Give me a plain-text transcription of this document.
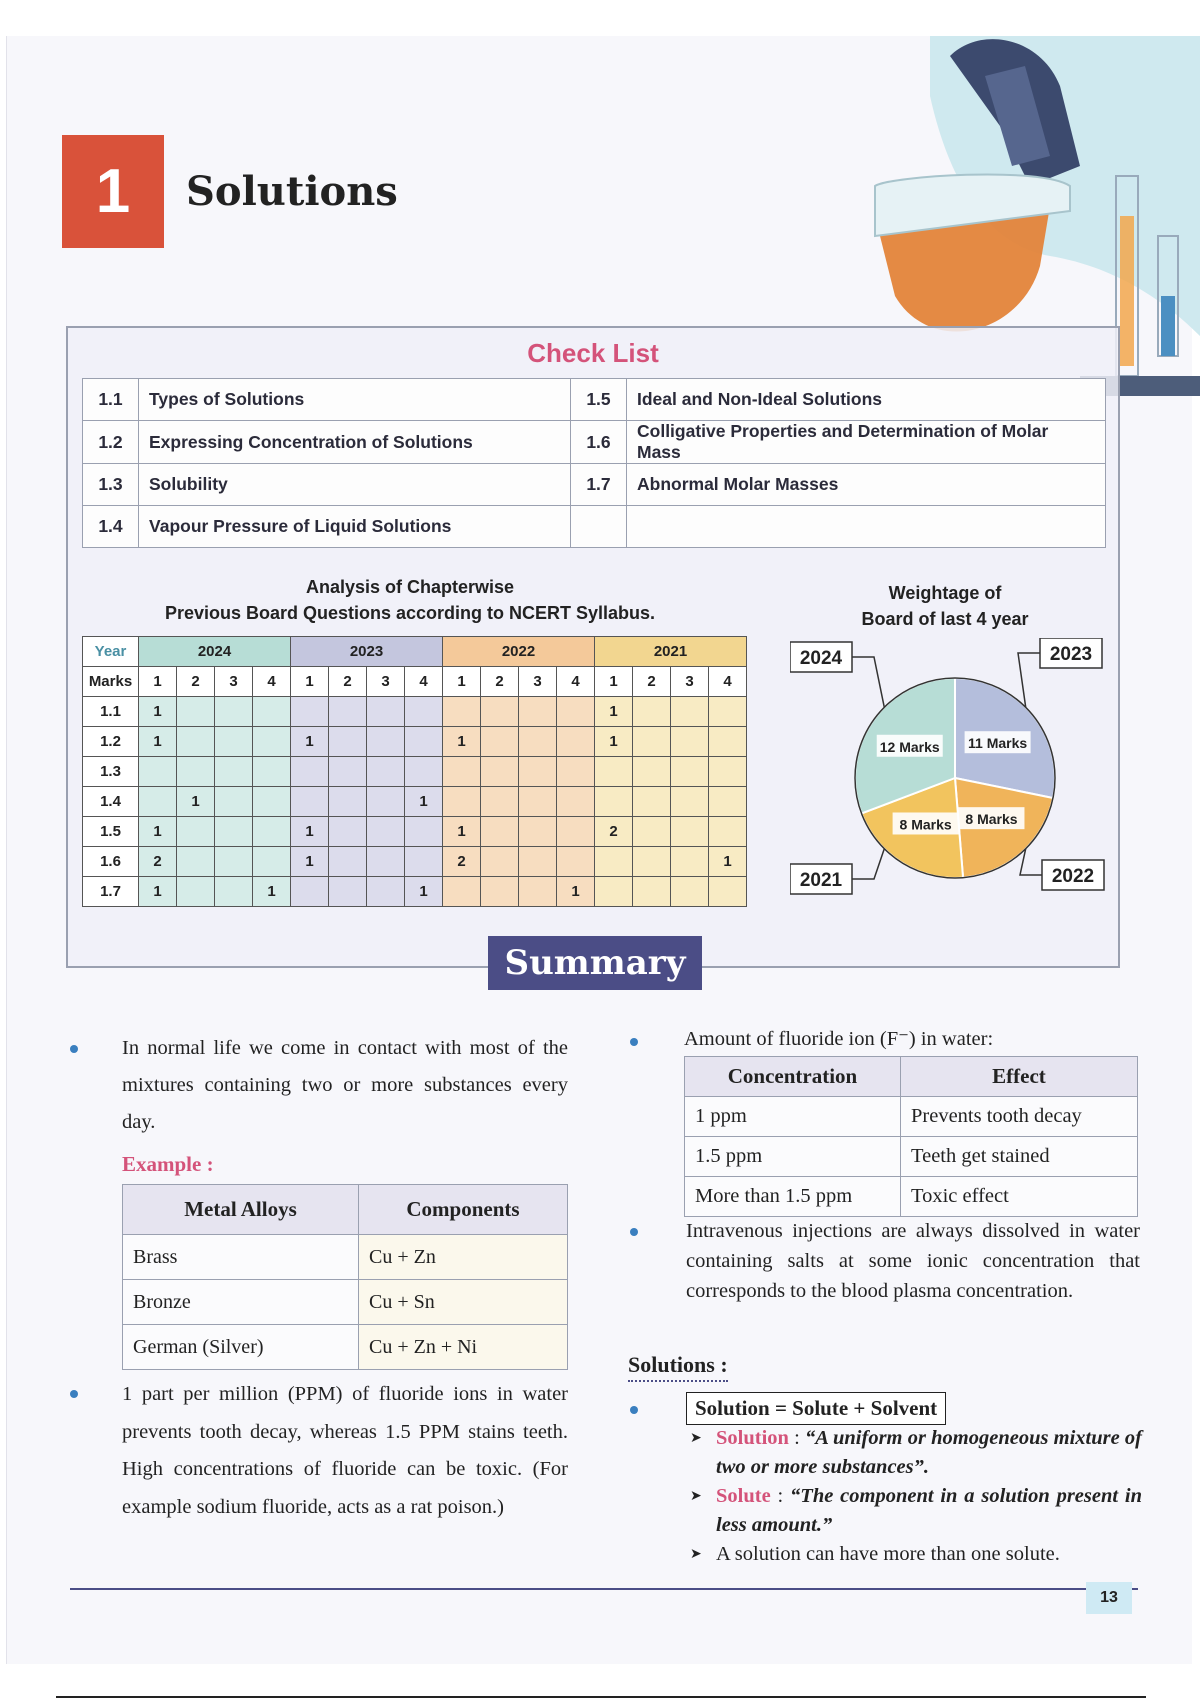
1	Solutions
Check List
1.1	Types of Solutions	1.5	Ideal and Non-Ideal Solutions
1.2	Expressing Concentration of Solutions	1.6	Colligative Properties and Determination of Molar Mass
1.3	Solubility	1.7	Abnormal Molar Masses
1.4	Vapour Pressure of Liquid Solutions		
Analysis of Chapterwise
Previous Board Questions according to NCERT Syllabus.
Weightage of
Board of last 4 year
Year	2024				2023				2022				2021			
Marks	1	2	3	4	1	2	3	4	1	2	3	4	1	2	3	4
1.1	1												1			
1.2	1				1				1				1			
1.3																
1.4		1						1								
1.5	1				1				1				2			
1.6	2				1				2							1
1.7	1			1				1				1				
2023
11 Marks
2022
8 Marks
2021
8 Marks
2024
12 Marks
Summary
In normal life we come in contact with most of the mixtures containing two or more substances every day.
Example :
Metal Alloys	Components
Brass	Cu + Zn
Bronze	Cu + Sn
German (Silver)	Cu + Zn + Ni
1 part per million (PPM) of fluoride ions in water prevents tooth decay, whereas 1.5 PPM stains teeth. High concentrations of fluoride can be toxic. (For example sodium fluoride, acts as a rat poison.)
Amount of fluoride ion (F⁻) in water:
Concentration	Effect
1 ppm	Prevents tooth decay
1.5 ppm	Teeth get stained
More than 1.5 ppm	Toxic effect
Intravenous injections are always dissolved in water containing salts at some ionic concentration that corresponds to the blood plasma concentration.
Solutions :
Solution = Solute + Solvent
➤ Solution : “A uniform or homogeneous mixture of two or more substances”.
➤ Solute : “The component in a solution present in less amount.”
➤ A solution can have more than one solute.
13
